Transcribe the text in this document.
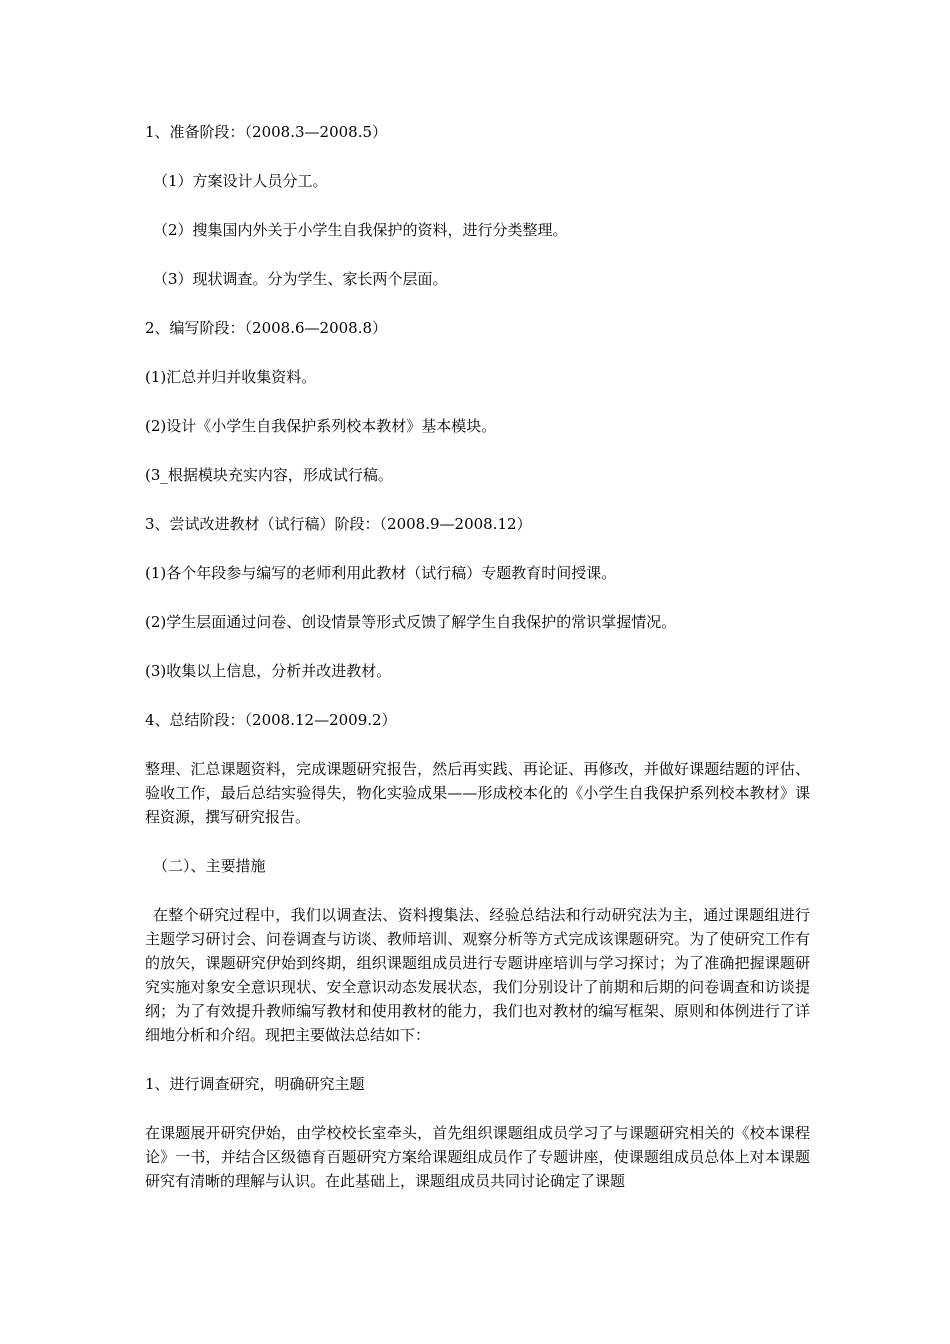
1、准备阶段：（2008.3—2008.5）

（1）方案设计人员分工。

（2）搜集国内外关于小学生自我保护的资料，进行分类整理。

（3）现状调查。分为学生、家长两个层面。

2、编写阶段：（2008.6—2008.8）

(1)汇总并归并收集资料。

(2)设计《小学生自我保护系列校本教材》基本模块。

(3_根据模块充实内容，形成试行稿。

3、尝试改进教材（试行稿）阶段：（2008.9—2008.12）

(1)各个年段参与编写的老师利用此教材（试行稿）专题教育时间授课。

(2)学生层面通过问卷、创设情景等形式反馈了解学生自我保护的常识掌握情况。

(3)收集以上信息，分析并改进教材。

4、总结阶段：（2008.12—2009.2）

整理、汇总课题资料，完成课题研究报告，然后再实践、再论证、再修改，并做好课题结题的评估、验收工作，最后总结实验得失，物化实验成果——形成校本化的《小学生自我保护系列校本教材》课程资源，撰写研究报告。

（二）、主要措施

在整个研究过程中，我们以调查法、资料搜集法、经验总结法和行动研究法为主，通过课题组进行主题学习研讨会、问卷调查与访谈、教师培训、观察分析等方式完成该课题研究。为了使研究工作有的放矢，课题研究伊始到终期，组织课题组成员进行专题讲座培训与学习探讨；为了准确把握课题研究实施对象安全意识现状、安全意识动态发展状态，我们分别设计了前期和后期的问卷调查和访谈提纲；为了有效提升教师编写教材和使用教材的能力，我们也对教材的编写框架、原则和体例进行了详细地分析和介绍。现把主要做法总结如下：

1、进行调查研究，明确研究主题

在课题展开研究伊始，由学校校长室牵头，首先组织课题组成员学习了与课题研究相关的《校本课程论》一书，并结合区级德育百题研究方案给课题组成员作了专题讲座，使课题组成员总体上对本课题研究有清晰的理解与认识。在此基础上，课题组成员共同讨论确定了课题
